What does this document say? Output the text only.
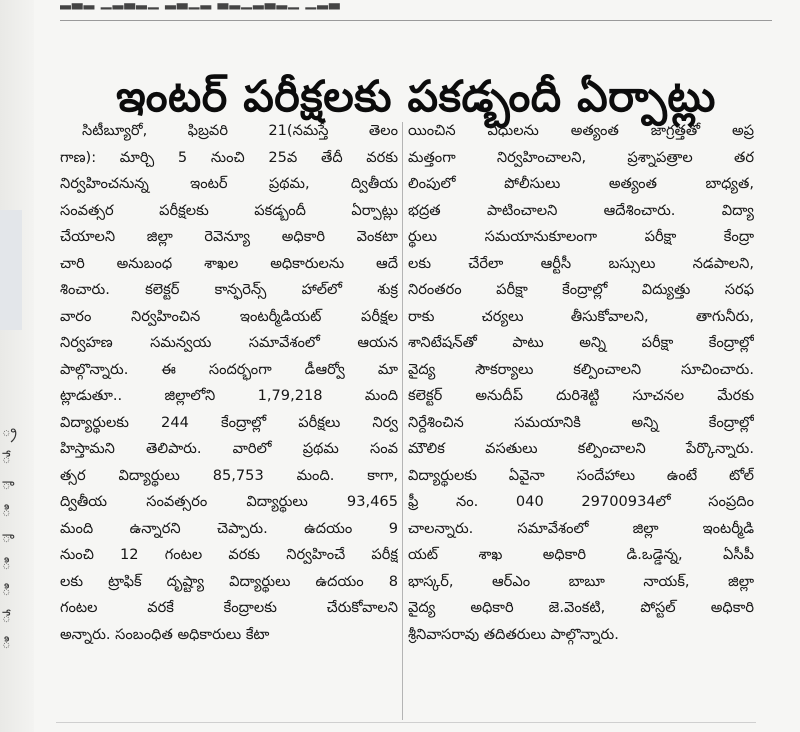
్ర
ే
ా
ి
ా
ి
ి
ే
ి
▂▃▂ ▁▂▃▂▁ ▂▃▁▂ ▃▂▁▂▃▂▁ ▁▂▃
ఇంటర్ పరీక్షలకు పకడ్బందీ ఏర్పాట్లు
సిటీబ్యూరో, ఫిబ్రవరి 21(నమస్తే తెలం
గాణ): మార్చి 5 నుంచి 25వ తేదీ వరకు
నిర్వహించనున్న ఇంటర్ ప్రథమ, ద్వితీయ
సంవత్సర పరీక్షలకు పకడ్బందీ ఏర్పాట్లు
చేయాలని జిల్లా రెవెన్యూ అధికారి వెంకటా
చారి అనుబంధ శాఖల అధికారులను ఆదే
శించారు. కలెక్టర్ కాన్ఫరెన్స్ హాల్‌లో శుక్ర
వారం నిర్వహించిన ఇంటర్మీడియట్ పరీక్షల
నిర్వహణ సమన్వయ సమావేశంలో ఆయన
పాల్గొన్నారు. ఈ సందర్భంగా డీఆర్వో మా
ట్లాడుతూ.. జిల్లాలోని 1,79,218 మంది
విద్యార్థులకు 244 కేంద్రాల్లో పరీక్షలు నిర్వ
హిస్తామని తెలిపారు. వారిలో ప్రథమ సంవ
త్సర విద్యార్థులు 85,753 మంది. కాగా,
ద్వితీయ సంవత్సరం విద్యార్థులు 93,465
మంది ఉన్నారని చెప్పారు. ఉదయం 9
నుంచి 12 గంటల వరకు నిర్వహించే పరీక్ష
లకు ట్రాఫిక్ దృష్ట్యా విద్యార్థులు ఉదయం 8
గంటల వరకే కేంద్రాలకు చేరుకోవాలని
అన్నారు. సంబంధిత అధికారులు కేటా
యించిన విధులను అత్యంత జాగ్రత్తతో అప్ర
మత్తంగా నిర్వహించాలని, ప్రశ్నాపత్రాల తర
లింపులో పోలీసులు అత్యంత బాధ్యత,
భద్రత పాటించాలని ఆదేశించారు. విద్యా
ర్థులు సమయానుకూలంగా పరీక్షా కేంద్రా
లకు చేరేలా ఆర్టీసీ బస్సులు నడపాలని,
నిరంతరం పరీక్షా కేంద్రాల్లో విద్యుత్తు సరఫ
రాకు చర్యలు తీసుకోవాలని, తాగునీరు,
శానిటేషన్‌తో పాటు అన్ని పరీక్షా కేంద్రాల్లో
వైద్య సౌకర్యాలు కల్పించాలని సూచించారు.
కలెక్టర్ అనుదీప్ దురిశెట్టి సూచనల మేరకు
నిర్దేశించిన సమయానికి అన్ని కేంద్రాల్లో
మౌలిక వసతులు కల్పించాలని పేర్కొన్నారు.
విద్యార్థులకు ఏవైనా సందేహాలు ఉంటే టోల్
ఫ్రీ నం. 040 29700934లో సంప్రదిం
చాలన్నారు. సమావేశంలో జిల్లా ఇంటర్మీడి
యట్ శాఖ అధికారి డి.ఒడ్డెన్న, ఏసీపీ
భాస్కర్, ఆర్ఎం బాబూ నాయక్, జిల్లా
వైద్య అధికారి జె.వెంకటి, పోస్టల్ అధికారి
శ్రీనివాసరావు తదితరులు పాల్గొన్నారు.
